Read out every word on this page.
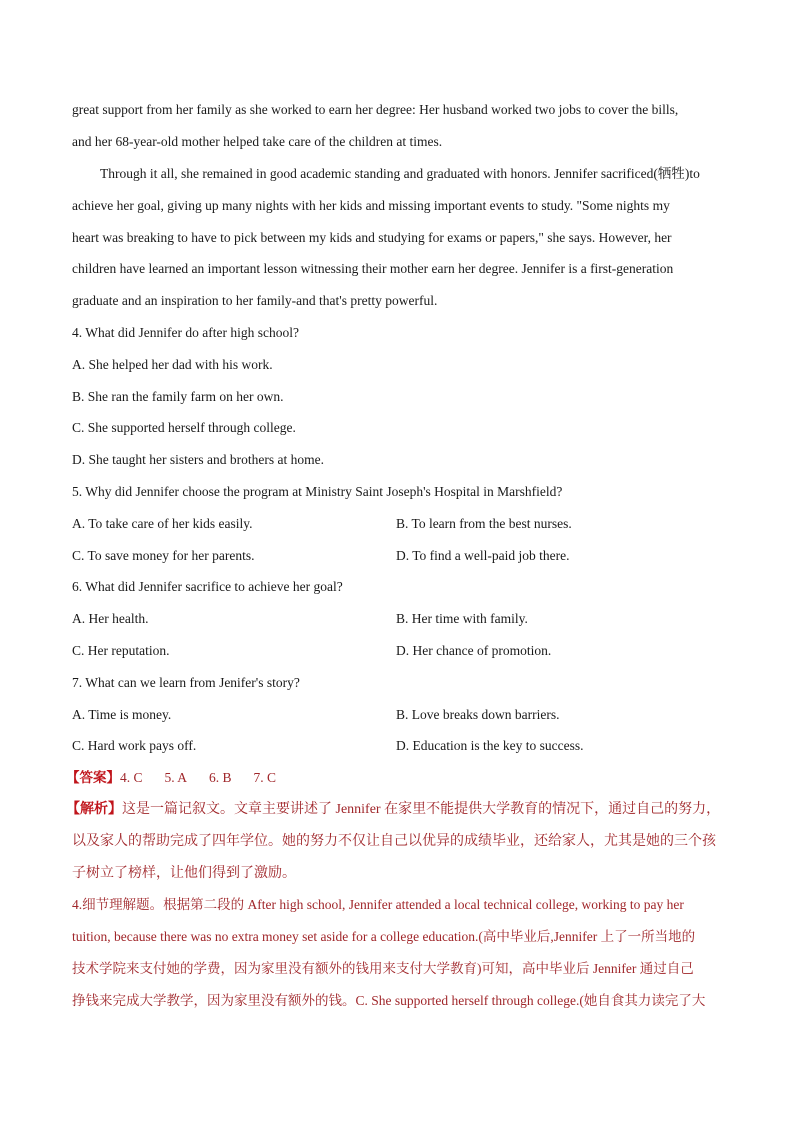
great support from her family as she worked to earn her degree: Her husband worked two jobs to cover the bills,
and her 68-year-old mother helped take care of the children at times.
Through it all, she remained in good academic standing and graduated with honors. Jennifer sacrificed(牺牲)to
achieve her goal, giving up many nights with her kids and missing important events to study. "Some nights my
heart was breaking to have to pick between my kids and studying for exams or papers," she says. However, her
children have learned an important lesson witnessing their mother earn her degree. Jennifer is a first-generation
graduate and an inspiration to her family-and that's pretty powerful.
4. What did Jennifer do after high school?
A. She helped her dad with his work.
B. She ran the family farm on her own.
C. She supported herself through college.
D. She taught her sisters and brothers at home.
5. Why did Jennifer choose the program at Ministry Saint Joseph's Hospital in Marshfield?
A. To take care of her kids easily.	B. To learn from the best nurses.
C. To save money for her parents.	D. To find a well-paid job there.
6. What did Jennifer sacrifice to achieve her goal?
A. Her health.	B. Her time with family.
C. Her reputation.	D. Her chance of promotion.
7. What can we learn from Jenifer's story?
A. Time is money.	B. Love breaks down barriers.
C. Hard work pays off.	D. Education is the key to success.
【答案】4. C 5. A 6. B 7. C
【解析】这是一篇记叙文。文章主要讲述了 Jennifer 在家里不能提供大学教育的情况下，通过自己的努力，
以及家人的帮助完成了四年学位。她的努力不仅让自己以优异的成绩毕业，还给家人，尤其是她的三个孩
子树立了榜样，让他们得到了激励。
4.细节理解题。根据第二段的 After high school, Jennifer attended a local technical college, working to pay her
tuition, because there was no extra money set aside for a college education.(高中毕业后,Jennifer 上了一所当地的
技术学院来支付她的学费，因为家里没有额外的钱用来支付大学教育)可知，高中毕业后 Jennifer 通过自己
挣钱来完成大学教学，因为家里没有额外的钱。C. She supported herself through college.(她自食其力读完了大
